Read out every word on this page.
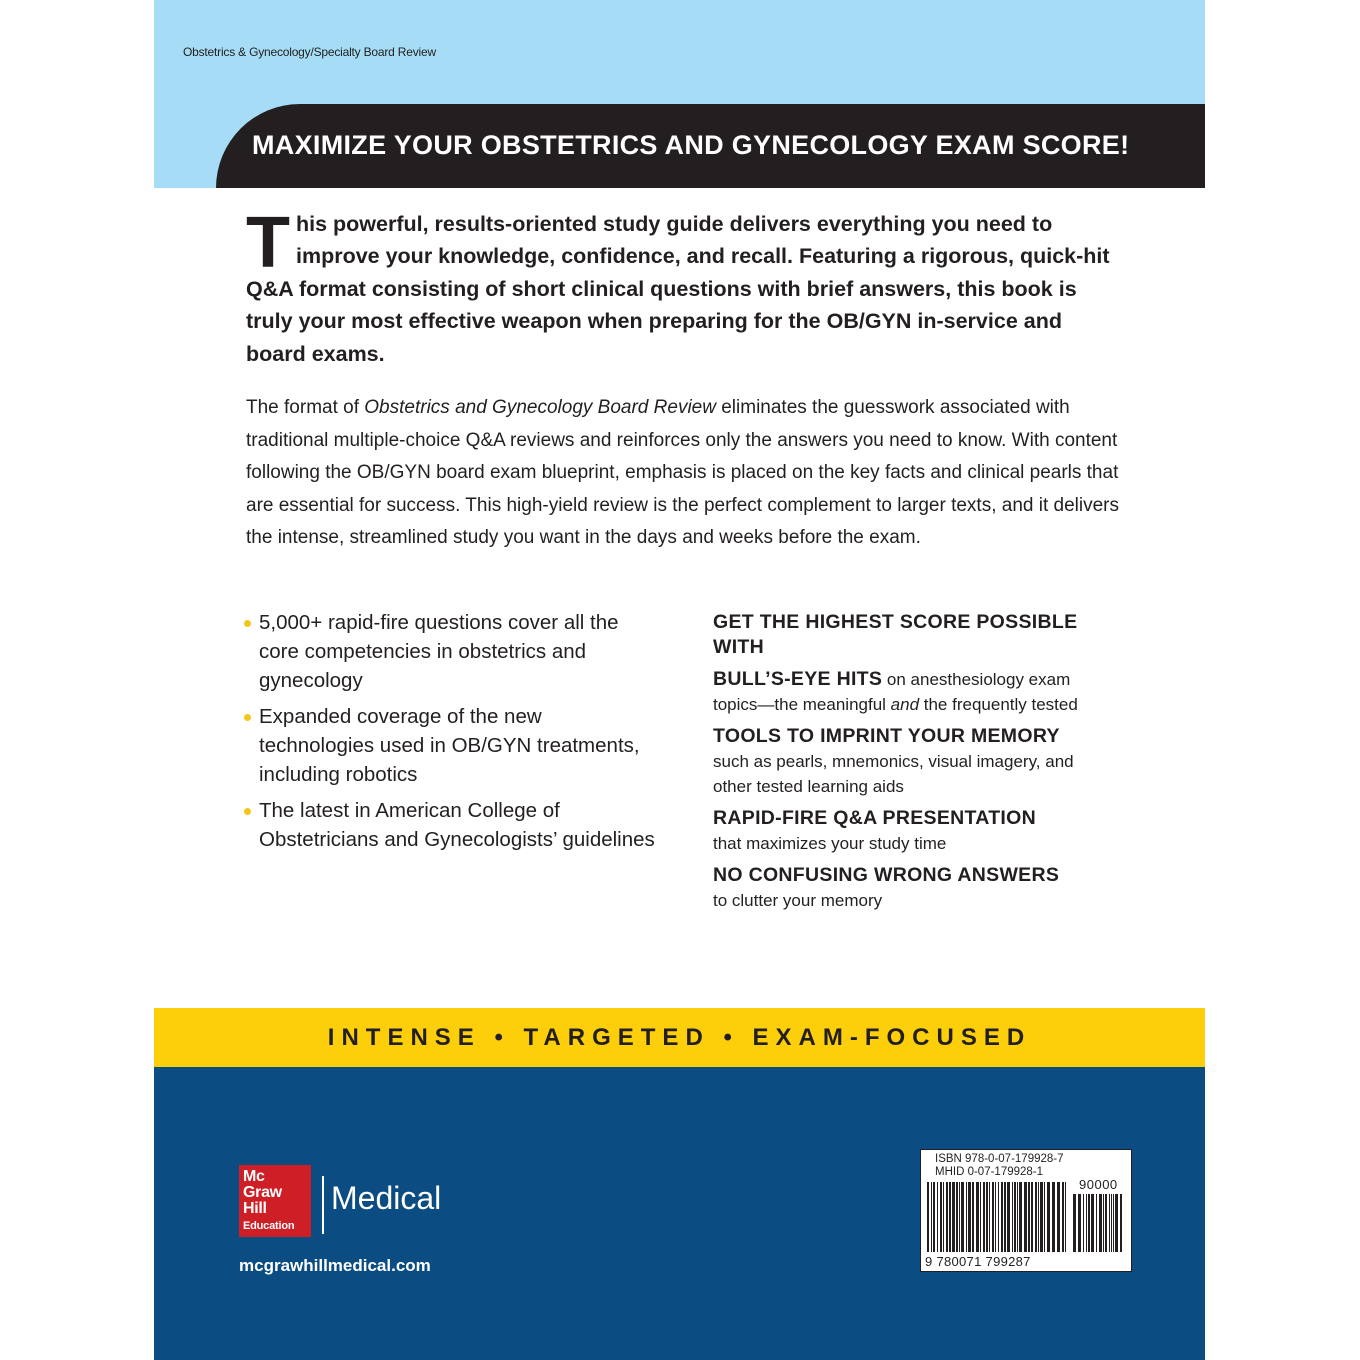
Obstetrics & Gynecology/Specialty Board Review
MAXIMIZE YOUR OBSTETRICS AND GYNECOLOGY EXAM SCORE!
This powerful, results-oriented study guide delivers everything you need to improve your knowledge, confidence, and recall. Featuring a rigorous, quick-hit Q&A format consisting of short clinical questions with brief answers, this book is truly your most effective weapon when preparing for the OB/GYN in-service and board exams.
The format of Obstetrics and Gynecology Board Review eliminates the guesswork associated with traditional multiple-choice Q&A reviews and reinforces only the answers you need to know. With content following the OB/GYN board exam blueprint, emphasis is placed on the key facts and clinical pearls that are essential for success. This high-yield review is the perfect complement to larger texts, and it delivers the intense, streamlined study you want in the days and weeks before the exam.
5,000+ rapid-fire questions cover all the core competencies in obstetrics and gynecology
Expanded coverage of the new technologies used in OB/GYN treatments, including robotics
The latest in American College of Obstetricians and Gynecologists’ guidelines
GET THE HIGHEST SCORE POSSIBLE WITH
BULL’S-EYE HITS on anesthesiology exam topics—the meaningful and the frequently tested
TOOLS TO IMPRINT YOUR MEMORY
such as pearls, mnemonics, visual imagery, and other tested learning aids
RAPID-FIRE Q&A PRESENTATION
that maximizes your study time
NO CONFUSING WRONG ANSWERS
to clutter your memory
INTENSE • TARGETED • EXAM-FOCUSED
Mc
Graw
Hill
Education
Medical
mcgrawhillmedical.com
ISBN 978-0-07-179928-7
MHID 0-07-179928-1
90000
9 780071 799287
